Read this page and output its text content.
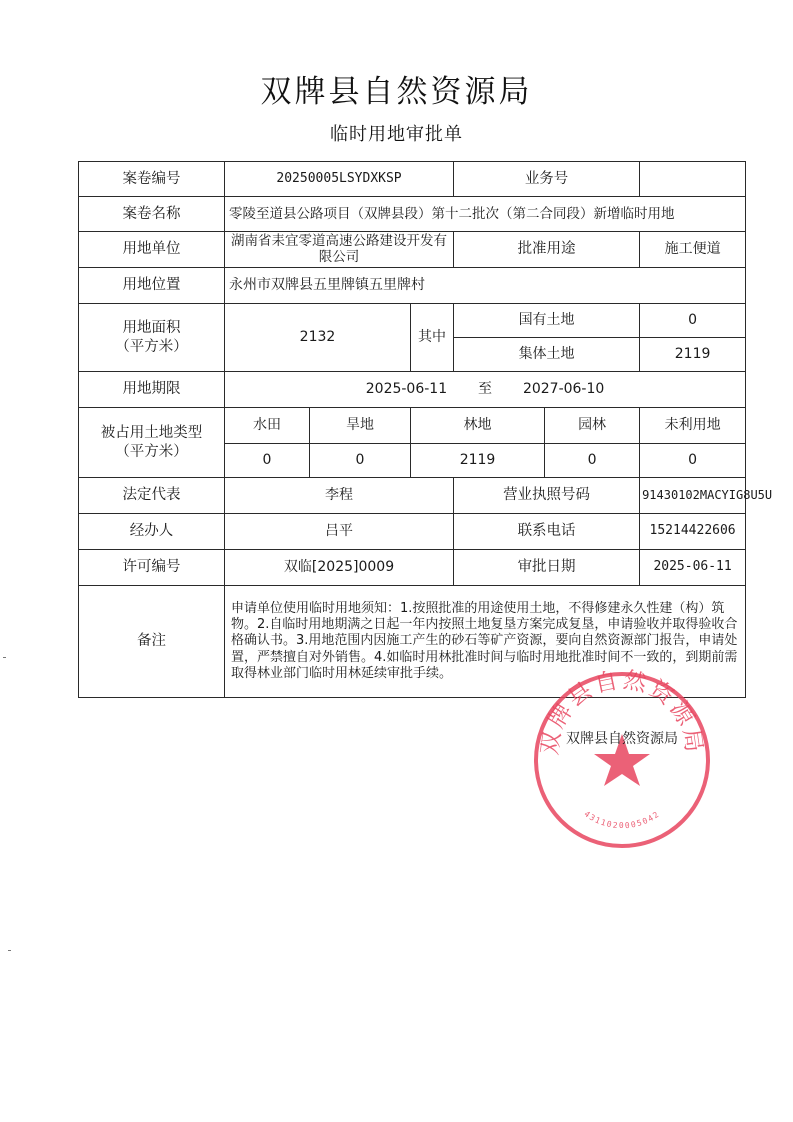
双牌县自然资源局
临时用地审批单
案卷编号	20250005LSYDXKSP			业务号			
案卷名称	零陵至道县公路项目（双牌县段）第十二批次（第二合同段）新增临时用地						
用地单位	湖南省耒宜零道高速公路建设开发有限公司			批准用途		施工便道	
用地位置	永州市双牌县五里牌镇五里牌村						
用地面积
（平方米）	2132		其中	国有土地		0	
				集体土地		2119	
用地期限	2025-06-11 至 2027-06-10						
被占用土地类型
（平方米）	水田	旱地	林地		园林	未利用地	
	0	0	2119		0	0	
法定代表	李程			营业执照号码		91430102MACYIG8U5U	
经办人	吕平			联系电话		15214422606	
许可编号	双临[2025]0009			审批日期		2025-06-11	
备注	申请单位使用临时用地须知：1.按照批准的用途使用土地，不得修建永久性建（构）筑物。2.自临时用地期满之日起一年内按照土地复垦方案完成复垦，申请验收并取得验收合格确认书。3.用地范围内因施工产生的砂石等矿产资源，要向自然资源部门报告，申请处置，严禁擅自对外销售。4.如临时用林批准时间与临时用地批准时间不一致的，到期前需取得林业部门临时用林延续审批手续。						
双牌县自然资源局
4311020005042
双牌县自然资源局
